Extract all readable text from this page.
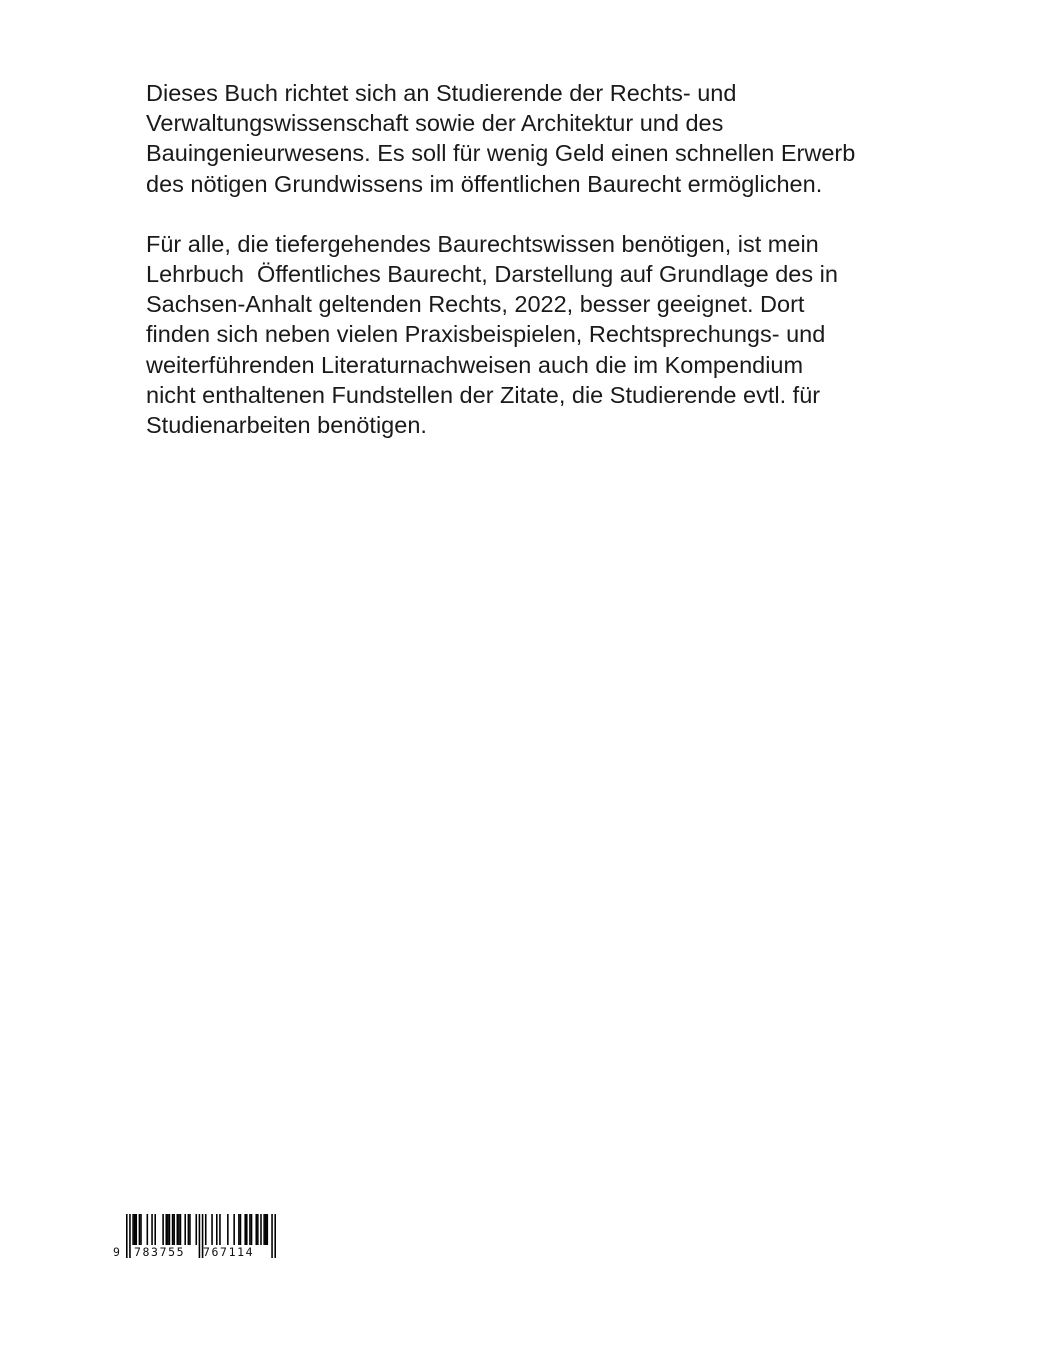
Dieses Buch richtet sich an Studierende der Rechts- und
Verwaltungswissenschaft sowie der Architektur und des
Bauingenieurwesens. Es soll für wenig Geld einen schnellen Erwerb
des nötigen Grundwissens im öffentlichen Baurecht ermöglichen.

Für alle, die tiefergehendes Baurechtswissen benötigen, ist mein
Lehrbuch  Öffentliches Baurecht, Darstellung auf Grundlage des in
Sachsen-Anhalt geltenden Rechts, 2022, besser geeignet. Dort
finden sich neben vielen Praxisbeispielen, Rechtsprechungs- und
weiterführenden Literaturnachweisen auch die im Kompendium
nicht enthaltenen Fundstellen der Zitate, die Studierende evtl. für
Studienarbeiten benötigen.

9 783755 767114
